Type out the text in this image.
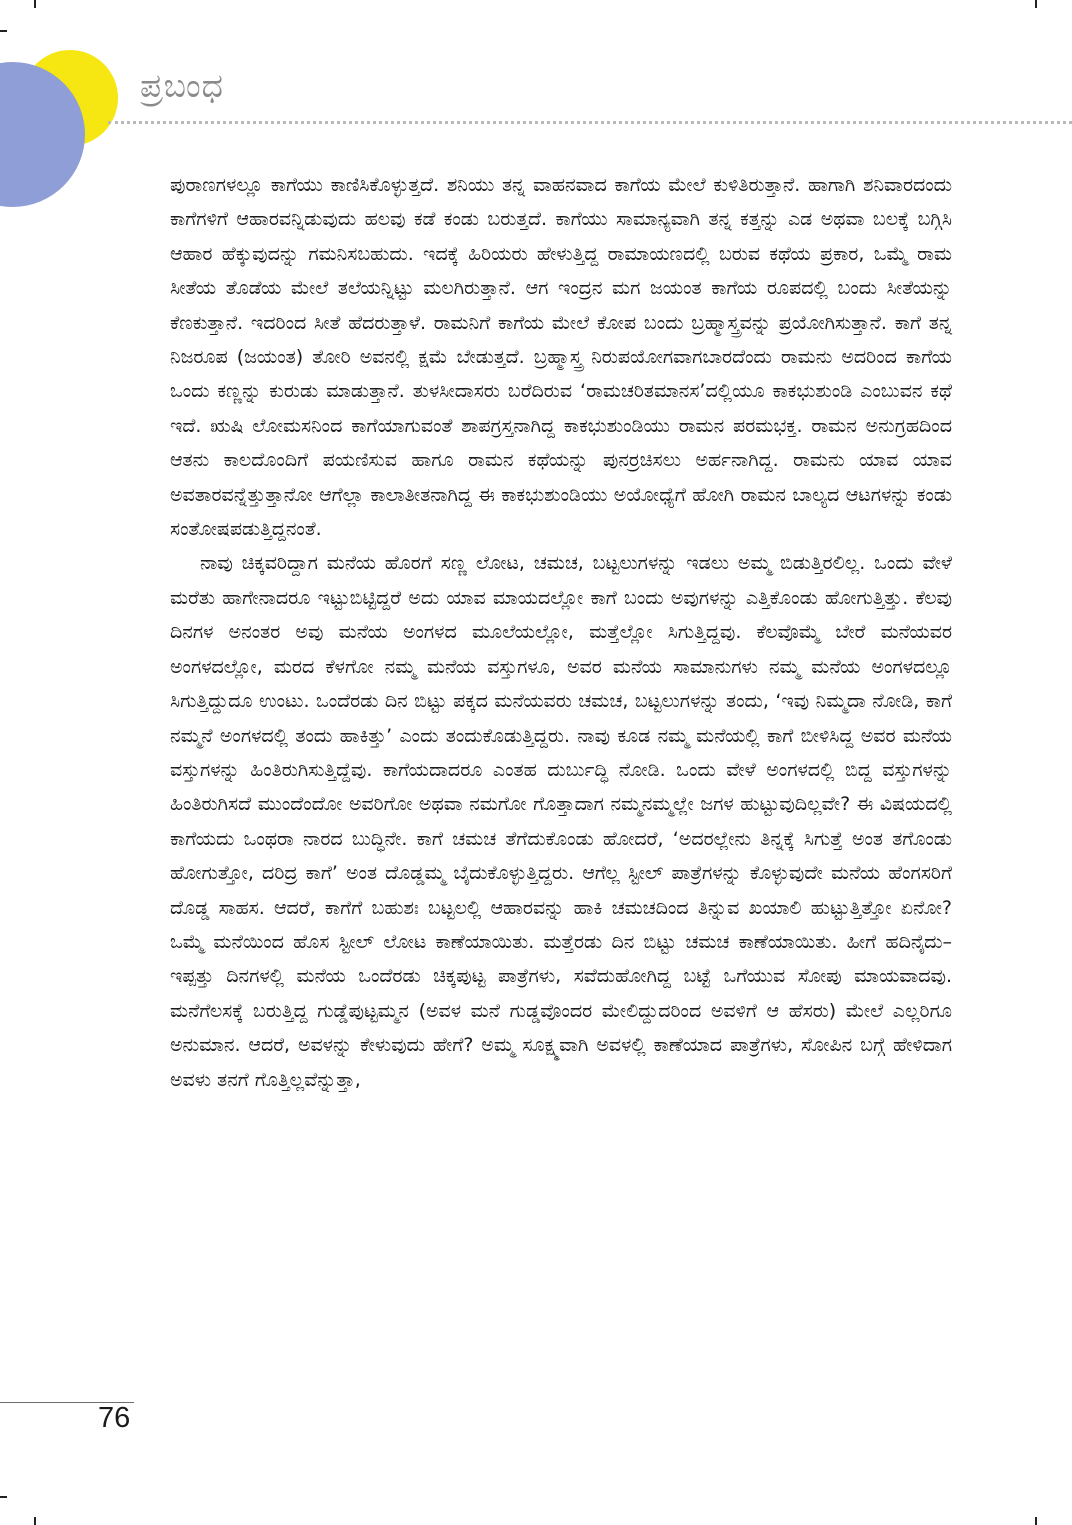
ಪ್ರಬಂಧ

ಪುರಾಣಗಳಲ್ಲೂ ಕಾಗೆಯು ಕಾಣಿಸಿಕೊಳ್ಳುತ್ತದೆ. ಶನಿಯು ತನ್ನ ವಾಹನವಾದ ಕಾಗೆಯ ಮೇಲೆ ಕುಳಿತಿರುತ್ತಾನೆ. ಹಾಗಾಗಿ ಶನಿವಾರದಂದು ಕಾಗೆಗಳಿಗೆ ಆಹಾರವನ್ನಿಡುವುದು ಹಲವು ಕಡೆ ಕಂಡು ಬರುತ್ತದೆ. ಕಾಗೆಯು ಸಾಮಾನ್ಯವಾಗಿ ತನ್ನ ಕತ್ತನ್ನು ಎಡ ಅಥವಾ ಬಲಕ್ಕೆ ಬಗ್ಗಿಸಿ ಆಹಾರ ಹೆಕ್ಕುವುದನ್ನು ಗಮನಿಸಬಹುದು. ಇದಕ್ಕೆ ಹಿರಿಯರು ಹೇಳುತ್ತಿದ್ದ ರಾಮಾಯಣದಲ್ಲಿ ಬರುವ ಕಥೆಯ ಪ್ರಕಾರ, ಒಮ್ಮೆ ರಾಮ ಸೀತೆಯ ತೊಡೆಯ ಮೇಲೆ ತಲೆಯನ್ನಿಟ್ಟು ಮಲಗಿರುತ್ತಾನೆ. ಆಗ ಇಂದ್ರನ ಮಗ ಜಯಂತ ಕಾಗೆಯ ರೂಪದಲ್ಲಿ ಬಂದು ಸೀತೆಯನ್ನು ಕೆಣಕುತ್ತಾನೆ. ಇದರಿಂದ ಸೀತೆ ಹೆದರುತ್ತಾಳೆ. ರಾಮನಿಗೆ ಕಾಗೆಯ ಮೇಲೆ ಕೋಪ ಬಂದು ಬ್ರಹ್ಮಾಸ್ತ್ರವನ್ನು ಪ್ರಯೋಗಿಸುತ್ತಾನೆ. ಕಾಗೆ ತನ್ನ ನಿಜರೂಪ (ಜಯಂತ) ತೋರಿ ಅವನಲ್ಲಿ ಕ್ಷಮೆ ಬೇಡುತ್ತದೆ. ಬ್ರಹ್ಮಾಸ್ತ್ರ ನಿರುಪಯೋಗವಾಗಬಾರದೆಂದು ರಾಮನು ಅದರಿಂದ ಕಾಗೆಯ ಒಂದು ಕಣ್ಣನ್ನು ಕುರುಡು ಮಾಡುತ್ತಾನೆ. ತುಳಸೀದಾಸರು ಬರೆದಿರುವ ‘ರಾಮಚರಿತಮಾನಸ’ದಲ್ಲಿಯೂ ಕಾಕಭುಶುಂಡಿ ಎಂಬುವನ ಕಥೆ ಇದೆ. ಋಷಿ ಲೋಮಸನಿಂದ ಕಾಗೆಯಾಗುವಂತೆ ಶಾಪಗ್ರಸ್ತನಾಗಿದ್ದ ಕಾಕಭುಶುಂಡಿಯು ರಾಮನ ಪರಮಭಕ್ತ. ರಾಮನ ಅನುಗ್ರಹದಿಂದ ಆತನು ಕಾಲದೊಂದಿಗೆ ಪಯಣಿಸುವ ಹಾಗೂ ರಾಮನ ಕಥೆಯನ್ನು ಪುನರ್ರಚಿಸಲು ಅರ್ಹನಾಗಿದ್ದ. ರಾಮನು ಯಾವ ಯಾವ ಅವತಾರವನ್ನೆತ್ತುತ್ತಾನೋ ಆಗೆಲ್ಲಾ ಕಾಲಾತೀತನಾಗಿದ್ದ ಈ ಕಾಕಭುಶುಂಡಿಯು ಅಯೋಧ್ಯೆಗೆ ಹೋಗಿ ರಾಮನ ಬಾಲ್ಯದ ಆಟಗಳನ್ನು ಕಂಡು ಸಂತೋಷಪಡುತ್ತಿದ್ದನಂತೆ.

ನಾವು ಚಿಕ್ಕವರಿದ್ದಾಗ ಮನೆಯ ಹೊರಗೆ ಸಣ್ಣ ಲೋಟ, ಚಮಚ, ಬಟ್ಟಲುಗಳನ್ನು ಇಡಲು ಅಮ್ಮ ಬಿಡುತ್ತಿರಲಿಲ್ಲ. ಒಂದು ವೇಳೆ ಮರೆತು ಹಾಗೇನಾದರೂ ಇಟ್ಟುಬಿಟ್ಟಿದ್ದರೆ ಅದು ಯಾವ ಮಾಯದಲ್ಲೋ ಕಾಗೆ ಬಂದು ಅವುಗಳನ್ನು ಎತ್ತಿಕೊಂಡು ಹೋಗುತ್ತಿತ್ತು. ಕೆಲವು ದಿನಗಳ ಅನಂತರ ಅವು ಮನೆಯ ಅಂಗಳದ ಮೂಲೆಯಲ್ಲೋ, ಮತ್ತೆಲ್ಲೋ ಸಿಗುತ್ತಿದ್ದವು. ಕೆಲವೊಮ್ಮೆ ಬೇರೆ ಮನೆಯವರ ಅಂಗಳದಲ್ಲೋ, ಮರದ ಕೆಳಗೋ ನಮ್ಮ ಮನೆಯ ವಸ್ತುಗಳೂ, ಅವರ ಮನೆಯ ಸಾಮಾನುಗಳು ನಮ್ಮ ಮನೆಯ ಅಂಗಳದಲ್ಲೂ ಸಿಗುತ್ತಿದ್ದುದೂ ಉಂಟು. ಒಂದೆರಡು ದಿನ ಬಿಟ್ಟು ಪಕ್ಕದ ಮನೆಯವರು ಚಮಚ, ಬಟ್ಟಲುಗಳನ್ನು ತಂದು, ‘ಇವು ನಿಮ್ಮದಾ ನೋಡಿ, ಕಾಗೆ ನಮ್ಮನೆ ಅಂಗಳದಲ್ಲಿ ತಂದು ಹಾಕಿತ್ತು’ ಎಂದು ತಂದುಕೊಡುತ್ತಿದ್ದರು. ನಾವು ಕೂಡ ನಮ್ಮ ಮನೆಯಲ್ಲಿ ಕಾಗೆ ಬೀಳಿಸಿದ್ದ ಅವರ ಮನೆಯ ವಸ್ತುಗಳನ್ನು ಹಿಂತಿರುಗಿಸುತ್ತಿದ್ದೆವು. ಕಾಗೆಯದಾದರೂ ಎಂತಹ ದುರ್ಬುದ್ಧಿ ನೋಡಿ. ಒಂದು ವೇಳೆ ಅಂಗಳದಲ್ಲಿ ಬಿದ್ದ ವಸ್ತುಗಳನ್ನು ಹಿಂತಿರುಗಿಸದೆ ಮುಂದೆಂದೋ ಅವರಿಗೋ ಅಥವಾ ನಮಗೋ ಗೊತ್ತಾದಾಗ ನಮ್ಮನಮ್ಮಲ್ಲೇ ಜಗಳ ಹುಟ್ಟುವುದಿಲ್ಲವೇ? ಈ ವಿಷಯದಲ್ಲಿ ಕಾಗೆಯದು ಒಂಥರಾ ನಾರದ ಬುದ್ಧಿನೇ. ಕಾಗೆ ಚಮಚ ತೆಗೆದುಕೊಂಡು ಹೋದರೆ, ‘ಅದರಲ್ಲೇನು ತಿನ್ನಕ್ಕೆ ಸಿಗುತ್ತೆ ಅಂತ ತಗೊಂಡು ಹೋಗುತ್ತೋ, ದರಿದ್ರ ಕಾಗೆ’ ಅಂತ ದೊಡ್ಡಮ್ಮ ಬೈದುಕೊಳ್ಳುತ್ತಿದ್ದರು. ಆಗೆಲ್ಲ ಸ್ಟೀಲ್ ಪಾತ್ರೆಗಳನ್ನು ಕೊಳ್ಳುವುದೇ ಮನೆಯ ಹೆಂಗಸರಿಗೆ ದೊಡ್ಡ ಸಾಹಸ. ಆದರೆ, ಕಾಗೆಗೆ ಬಹುಶಃ ಬಟ್ಟಲಲ್ಲಿ ಆಹಾರವನ್ನು ಹಾಕಿ ಚಮಚದಿಂದ ತಿನ್ನುವ ಖಯಾಲಿ ಹುಟ್ಟುತ್ತಿತ್ತೋ ಏನೋ? ಒಮ್ಮೆ ಮನೆಯಿಂದ ಹೊಸ ಸ್ಟೀಲ್ ಲೋಟ ಕಾಣೆಯಾಯಿತು. ಮತ್ತೆರಡು ದಿನ ಬಿಟ್ಟು ಚಮಚ ಕಾಣೆಯಾಯಿತು. ಹೀಗೆ ಹದಿನೈದು–ಇಪ್ಪತ್ತು ದಿನಗಳಲ್ಲಿ ಮನೆಯ ಒಂದೆರಡು ಚಿಕ್ಕಪುಟ್ಟ ಪಾತ್ರೆಗಳು, ಸವೆದುಹೋಗಿದ್ದ ಬಟ್ಟೆ ಒಗೆಯುವ ಸೋಪು ಮಾಯವಾದವು. ಮನೆಗೆಲಸಕ್ಕೆ ಬರುತ್ತಿದ್ದ ಗುಡ್ಡೆಪುಟ್ಟಮ್ಮನ (ಅವಳ ಮನೆ ಗುಡ್ಡವೊಂದರ ಮೇಲಿದ್ದುದರಿಂದ ಅವಳಿಗೆ ಆ ಹೆಸರು) ಮೇಲೆ ಎಲ್ಲರಿಗೂ ಅನುಮಾನ. ಆದರೆ, ಅವಳನ್ನು ಕೇಳುವುದು ಹೇಗೆ? ಅಮ್ಮ ಸೂಕ್ಷ್ಮವಾಗಿ ಅವಳಲ್ಲಿ ಕಾಣೆಯಾದ ಪಾತ್ರೆಗಳು, ಸೋಪಿನ ಬಗ್ಗೆ ಹೇಳಿದಾಗ ಅವಳು ತನಗೆ ಗೊತ್ತಿಲ್ಲವೆನ್ನುತ್ತಾ,

76
